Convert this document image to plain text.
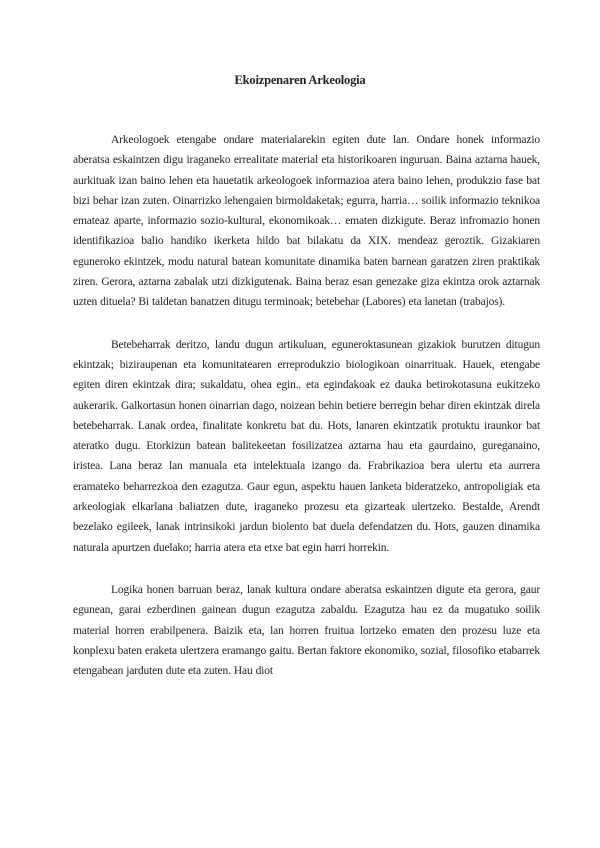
Ekoizpenaren Arkeologia

Arkeologoek etengabe ondare materialarekin egiten dute lan. Ondare honek informazio aberatsa eskaintzen digu iraganeko errealitate material eta historikoaren inguruan. Baina aztarna hauek, aurkituak izan baino lehen eta hauetatik arkeologoek informazioa atera baino lehen, produkzio fase bat bizi behar izan zuten. Oinarrizko lehengaien birmoldaketak; egurra, harria… soilik informazio teknikoa emateaz aparte, informazio sozio-kultural, ekonomikoak… ematen dizkigute. Beraz infromazio honen identifikazioa balio handiko ikerketa hildo bat bilakatu da XIX. mendeaz geroztik. Gizakiaren eguneroko ekintzek, modu natural batean komunitate dinamika baten barnean garatzen ziren praktikak ziren. Gerora, aztarna zabalak utzi dizkigutenak. Baina beraz esan genezake giza ekintza orok aztarnak uzten dituela? Bi taldetan banatzen ditugu terminoak; betebehar (Labores) eta lanetan (trabajos).

Betebeharrak deritzo, landu dugun artikuluan, eguneroktasunean gizakiok burutzen ditugun ekintzak; biziraupenan eta komunitatearen erreprodukzio biologikoan oinarrituak. Hauek, etengabe egiten diren ekintzak dira; sukaldatu, ohea egin.. eta egindakoak ez dauka betirokotasuna eukitzeko aukerarik. Galkortasun honen oinarrian dago, noizean behin betiere berregin behar diren ekintzak direla betebeharrak. Lanak ordea, finalitate konkretu bat du. Hots, lanaren ekintzatik protuktu iraunkor bat ateratko dugu. Etorkizun batean balitekeetan fosilizatzea aztarna hau eta gaurdaino, gureganaino, iristea. Lana beraz lan manuala eta intelektuala izango da. Frabrikazioa bera ulertu eta aurrera eramateko beharrezkoa den ezagutza. Gaur egun, aspektu hauen lanketa bideratzeko, antropoligiak eta arkeologiak elkarlana baliatzen dute, iraganeko prozesu eta gizarteak ulertzeko. Bestalde, Arendt bezelako egileek, lanak intrinsikoki jardun biolento bat duela defendatzen du. Hots, gauzen dinamika naturala apurtzen duelako; harria atera eta etxe bat egin harri horrekin.

Logika honen barruan beraz, lanak kultura ondare aberatsa eskaintzen digute eta gerora, gaur egunean, garai ezberdinen gainean dugun ezagutza zabaldu. Ezagutza hau ez da mugatuko soilik material horren erabilpenera. Baizik eta, lan horren fruitua lortzeko ematen den prozesu luze eta konplexu baten eraketa ulertzera eramango gaitu. Bertan faktore ekonomiko, sozial, filosofiko etabarrek etengabean jarduten dute eta zuten. Hau diot
